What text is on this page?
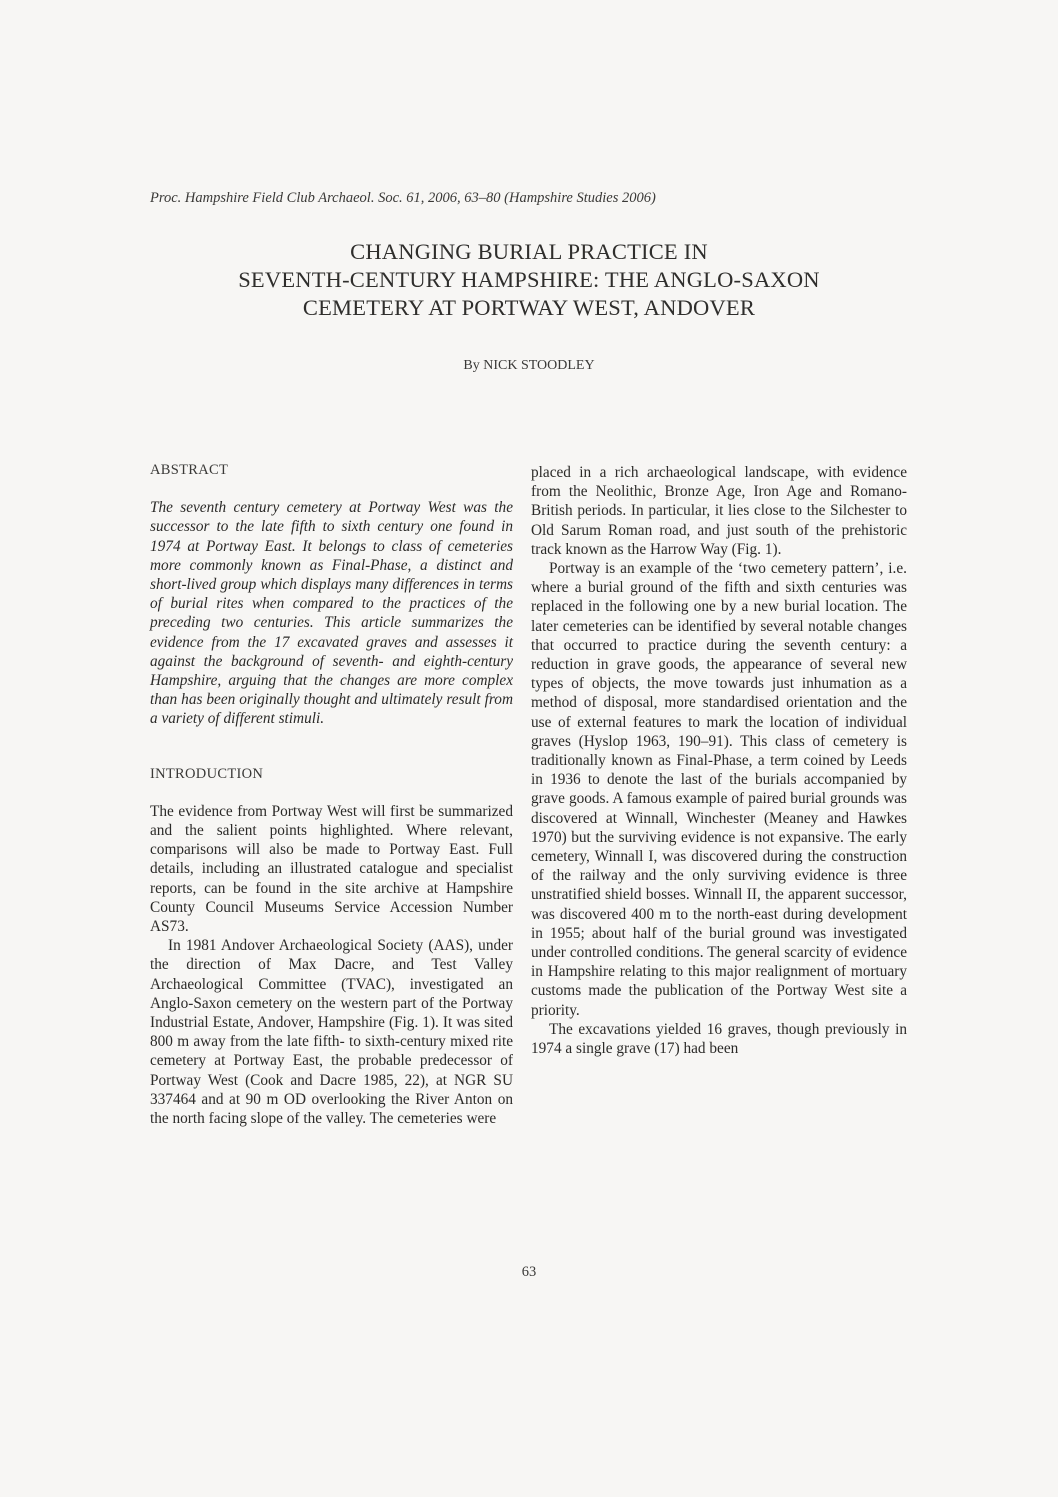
Proc. Hampshire Field Club Archaeol. Soc. 61, 2006, 63–80 (Hampshire Studies 2006)
CHANGING BURIAL PRACTICE IN
SEVENTH-CENTURY HAMPSHIRE: THE ANGLO-SAXON
CEMETERY AT PORTWAY WEST, ANDOVER
By NICK STOODLEY
ABSTRACT

The seventh century cemetery at Portway West was the successor to the late fifth to sixth century one found in 1974 at Portway East. It belongs to class of cemeteries more commonly known as Final-Phase, a distinct and short-lived group which displays many differences in terms of burial rites when compared to the practices of the preceding two centuries. This article summarizes the evidence from the 17 excavated graves and assesses it against the background of seventh- and eighth-century Hampshire, arguing that the changes are more complex than has been originally thought and ultimately result from a variety of different stimuli.

INTRODUCTION

The evidence from Portway West will first be summarized and the salient points highlighted. Where relevant, comparisons will also be made to Portway East. Full details, including an illustrated catalogue and specialist reports, can be found in the site archive at Hampshire County Council Museums Service Accession Number AS73.

In 1981 Andover Archaeological Society (AAS), under the direction of Max Dacre, and Test Valley Archaeological Committee (TVAC), investigated an Anglo-Saxon cemetery on the western part of the Portway Industrial Estate, Andover, Hampshire (Fig. 1). It was sited 800 m away from the late fifth- to sixth-century mixed rite cemetery at Portway East, the probable predecessor of Portway West (Cook and Dacre 1985, 22), at NGR SU 337464 and at 90 m OD overlooking the River Anton on the north facing slope of the valley. The cemeteries were

placed in a rich archaeological landscape, with evidence from the Neolithic, Bronze Age, Iron Age and Romano-British periods. In particular, it lies close to the Silchester to Old Sarum Roman road, and just south of the prehistoric track known as the Harrow Way (Fig. 1).

Portway is an example of the ‘two cemetery pattern’, i.e. where a burial ground of the fifth and sixth centuries was replaced in the following one by a new burial location. The later cemeteries can be identified by several notable changes that occurred to practice during the seventh century: a reduction in grave goods, the appearance of several new types of objects, the move towards just inhumation as a method of disposal, more standardised orientation and the use of external features to mark the location of individual graves (Hyslop 1963, 190–91). This class of cemetery is traditionally known as Final-Phase, a term coined by Leeds in 1936 to denote the last of the burials accompanied by grave goods. A famous example of paired burial grounds was discovered at Winnall, Winchester (Meaney and Hawkes 1970) but the surviving evidence is not expansive. The early cemetery, Winnall I, was discovered during the construction of the railway and the only surviving evidence is three unstratified shield bosses. Winnall II, the apparent successor, was discovered 400 m to the north-east during development in 1955; about half of the burial ground was investigated under controlled conditions. The general scarcity of evidence in Hampshire relating to this major realignment of mortuary customs made the publication of the Portway West site a priority.

The excavations yielded 16 graves, though previously in 1974 a single grave (17) had been

63
